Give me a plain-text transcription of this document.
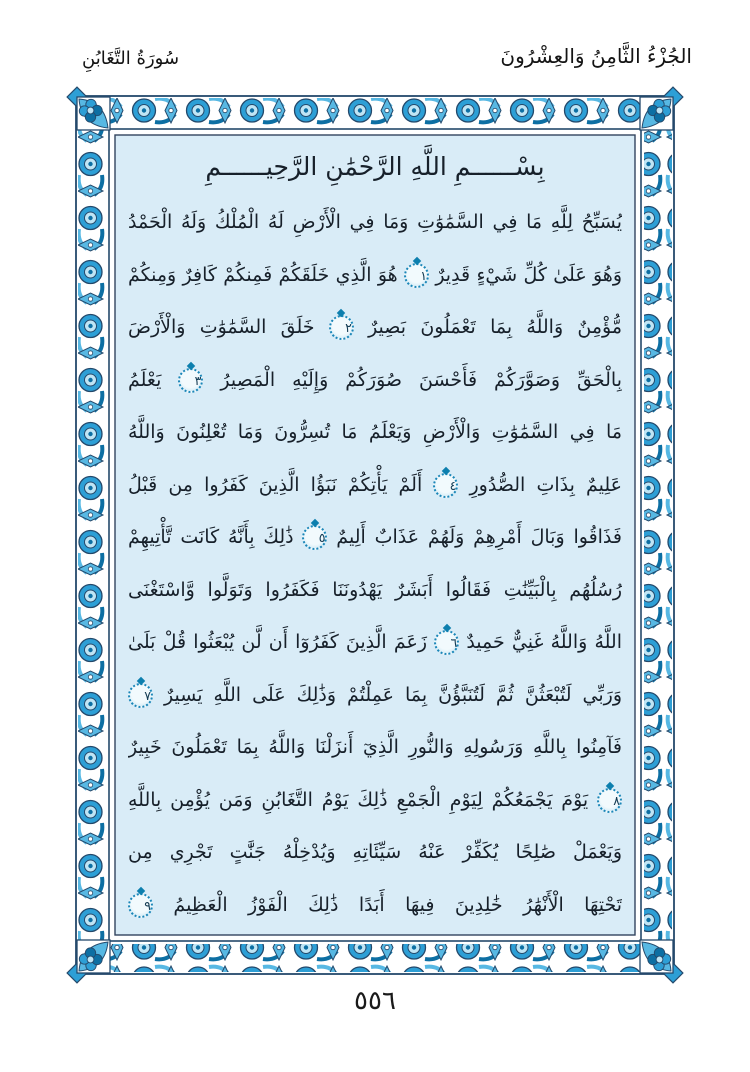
سُورَةُ التَّغَابُنِ	الجُزْءُ الثَّامِنُ وَالعِشْرُونَ
بِسْــــــمِ اللَّهِ الرَّحْمَٰنِ الرَّحِيــــــمِ
يُسَبِّحُ لِلَّهِ مَا فِي السَّمَٰوَٰتِ وَمَا فِي الْأَرْضِ لَهُ الْمُلْكُ وَلَهُ الْحَمْدُ
وَهُوَ عَلَىٰ كُلِّ شَيْءٍ قَدِيرٌ ١ هُوَ الَّذِي خَلَقَكُمْ فَمِنكُمْ كَافِرٌ وَمِنكُمْ
مُّؤْمِنٌ وَاللَّهُ بِمَا تَعْمَلُونَ بَصِيرٌ ٢ خَلَقَ السَّمَٰوَٰتِ وَالْأَرْضَ
بِالْحَقِّ وَصَوَّرَكُمْ فَأَحْسَنَ صُوَرَكُمْ وَإِلَيْهِ الْمَصِيرُ ٣ يَعْلَمُ
مَا فِي السَّمَٰوَٰتِ وَالْأَرْضِ وَيَعْلَمُ مَا تُسِرُّونَ وَمَا تُعْلِنُونَ وَاللَّهُ
عَلِيمٌ بِذَاتِ الصُّدُورِ ٤ أَلَمْ يَأْتِكُمْ نَبَؤُا الَّذِينَ كَفَرُوا مِن قَبْلُ
فَذَاقُوا وَبَالَ أَمْرِهِمْ وَلَهُمْ عَذَابٌ أَلِيمٌ ٥ ذَٰلِكَ بِأَنَّهُ كَانَت تَّأْتِيهِمْ
رُسُلُهُم بِالْبَيِّنَٰتِ فَقَالُوا أَبَشَرٌ يَهْدُونَنَا فَكَفَرُوا وَتَوَلَّوا وَّاسْتَغْنَى
اللَّهُ وَاللَّهُ غَنِيٌّ حَمِيدٌ ٦ زَعَمَ الَّذِينَ كَفَرُوٓا أَن لَّن يُبْعَثُوا قُلْ بَلَىٰ
وَرَبِّي لَتُبْعَثُنَّ ثُمَّ لَتُنَبَّؤُنَّ بِمَا عَمِلْتُمْ وَذَٰلِكَ عَلَى اللَّهِ يَسِيرٌ ٧
فَآمِنُوا بِاللَّهِ وَرَسُولِهِ وَالنُّورِ الَّذِيٓ أَنزَلْنَا وَاللَّهُ بِمَا تَعْمَلُونَ خَبِيرٌ
٨ يَوْمَ يَجْمَعُكُمْ لِيَوْمِ الْجَمْعِ ذَٰلِكَ يَوْمُ التَّغَابُنِ وَمَن يُؤْمِن بِاللَّهِ
وَيَعْمَلْ صَٰلِحًا يُكَفِّرْ عَنْهُ سَيِّئَاتِهِ وَيُدْخِلْهُ جَنَّٰتٍ تَجْرِي مِن
تَحْتِهَا الْأَنْهَٰرُ خَٰلِدِينَ فِيهَا أَبَدًا ذَٰلِكَ الْفَوْزُ الْعَظِيمُ ٩
٥٥٦
